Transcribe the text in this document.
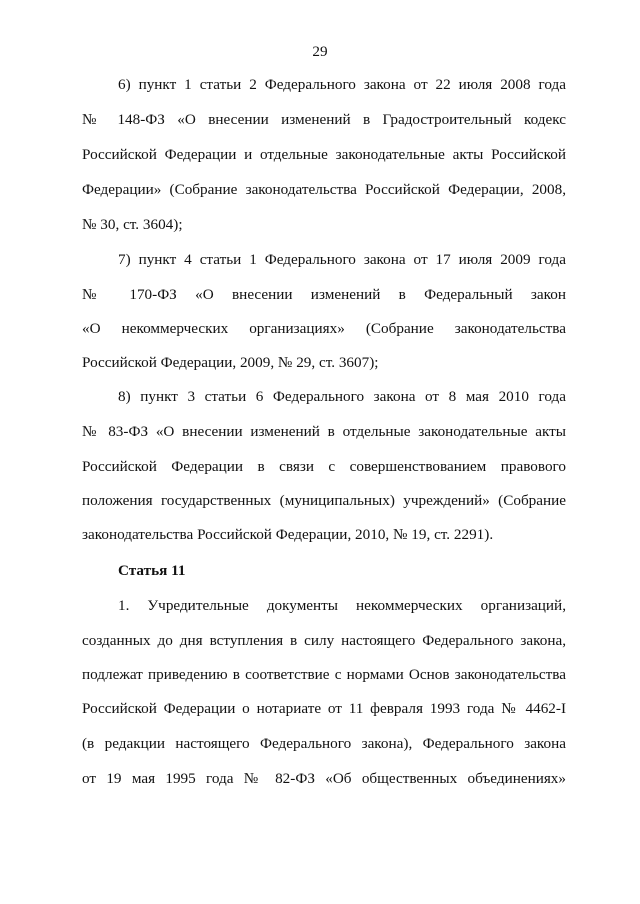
29
6) пункт 1 статьи 2 Федерального закона от 22 июля 2008 года
№ 148-ФЗ «О внесении изменений в Градостроительный кодекс
Российской Федерации и отдельные законодательные акты Российской
Федерации» (Собрание законодательства Российской Федерации, 2008,
№ 30, ст. 3604);
7) пункт 4 статьи 1 Федерального закона от 17 июля 2009 года
№ 170-ФЗ «О внесении изменений в Федеральный закон
«О некоммерческих организациях» (Собрание законодательства
Российской Федерации, 2009, № 29, ст. 3607);
8) пункт 3 статьи 6 Федерального закона от 8 мая 2010 года
№ 83-ФЗ «О внесении изменений в отдельные законодательные акты
Российской Федерации в связи с совершенствованием правового
положения государственных (муниципальных) учреждений» (Собрание
законодательства Российской Федерации, 2010, № 19, ст. 2291).
Статья 11
1. Учредительные документы некоммерческих организаций,
созданных до дня вступления в силу настоящего Федерального закона,
подлежат приведению в соответствие с нормами Основ законодательства
Российской Федерации о нотариате от 11 февраля 1993 года № 4462-I
(в редакции настоящего Федерального закона), Федерального закона
от 19 мая 1995 года № 82-ФЗ «Об общественных объединениях»
